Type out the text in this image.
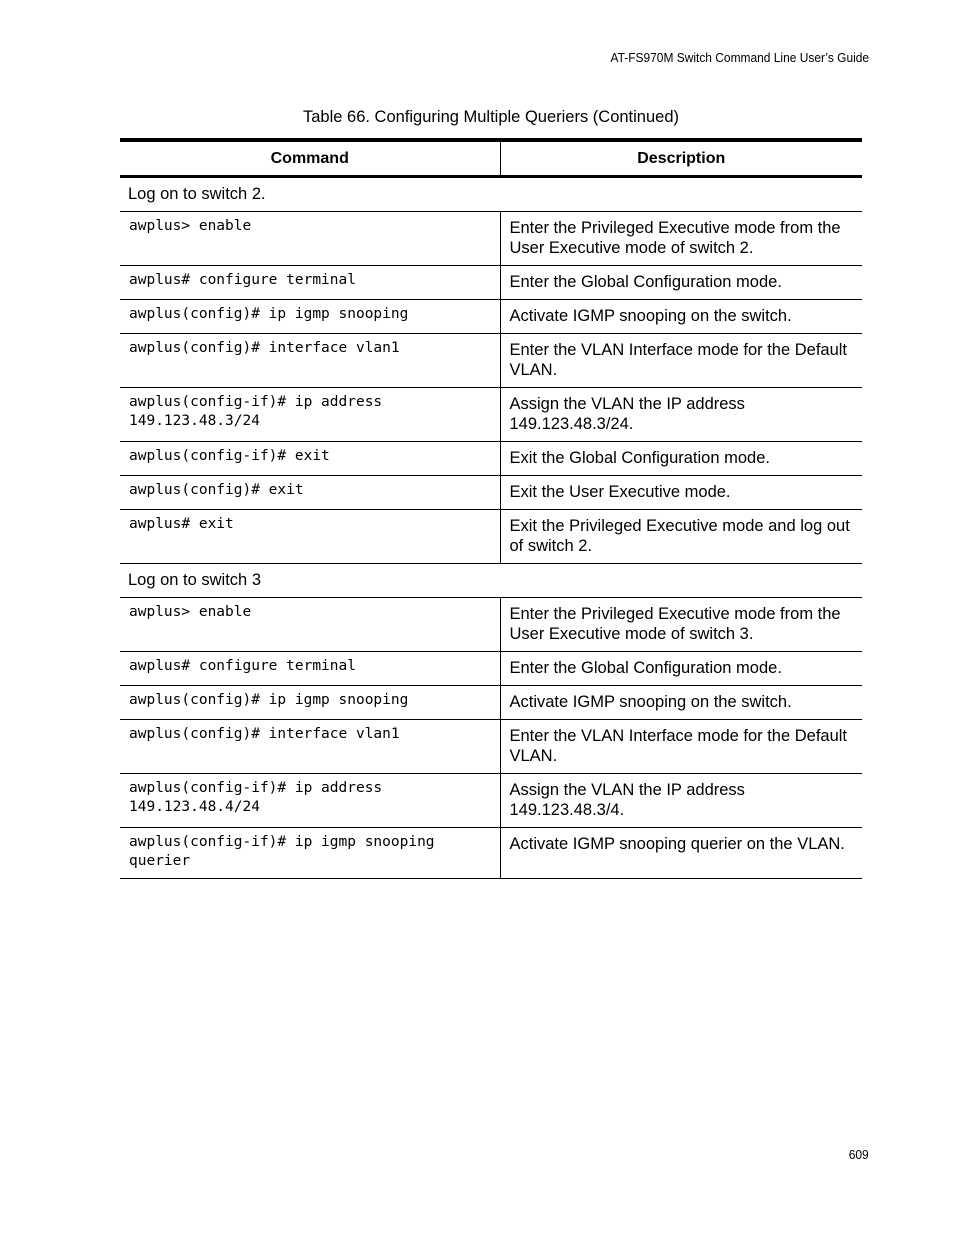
AT-FS970M Switch Command Line User’s Guide
Table 66. Configuring Multiple Queriers (Continued)
Command	Description
Log on to switch 2.	
awplus> enable	Enter the Privileged Executive mode from the User Executive mode of switch 2.
awplus# configure terminal	Enter the Global Configuration mode.
awplus(config)# ip igmp snooping	Activate IGMP snooping on the switch.
awplus(config)# interface vlan1	Enter the VLAN Interface mode for the Default VLAN.
awplus(config-if)# ip address 149.123.48.3/24	Assign the VLAN the IP address 149.123.48.3/24.
awplus(config-if)# exit	Exit the Global Configuration mode.
awplus(config)# exit	Exit the User Executive mode.
awplus# exit	Exit the Privileged Executive mode and log out of switch 2.
Log on to switch 3	
awplus> enable	Enter the Privileged Executive mode from the User Executive mode of switch 3.
awplus# configure terminal	Enter the Global Configuration mode.
awplus(config)# ip igmp snooping	Activate IGMP snooping on the switch.
awplus(config)# interface vlan1	Enter the VLAN Interface mode for the Default VLAN.
awplus(config-if)# ip address 149.123.48.4/24	Assign the VLAN the IP address 149.123.48.3/4.
awplus(config-if)# ip igmp snooping querier	Activate IGMP snooping querier on the VLAN.
609
